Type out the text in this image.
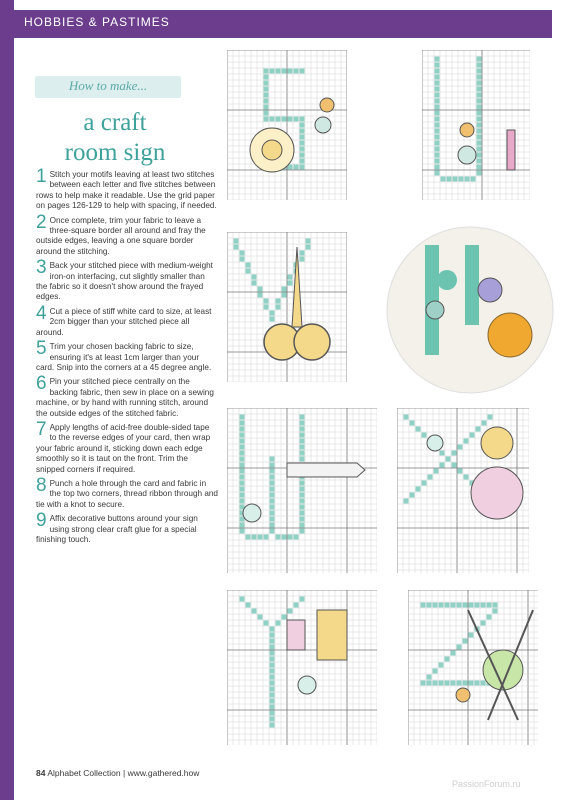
HOBBIES & PASTIMES
How to make...
a craft
room sign
1 Stitch your motifs leaving at least two stitches between each letter and five stitches between rows to help make it readable. Use the grid paper on pages 126-129 to help with spacing, if needed.
2 Once complete, trim your fabric to leave a three-square border all around and fray the outside edges, leaving a one square border around the stitching.
3 Back your stitched piece with medium-weight iron-on interfacing, cut slightly smaller than the fabric so it doesn't show around the frayed edges.
4 Cut a piece of stiff white card to size, at least 2cm bigger than your stitched piece all around.
5 Trim your chosen backing fabric to size, ensuring it's at least 1cm larger than your card. Snip into the corners at a 45 degree angle.
6 Pin your stitched piece centrally on the backing fabric, then sew in place on a sewing machine, or by hand with running stitch, around the outside edges of the stitched fabric.
7 Apply lengths of acid-free double-sided tape to the reverse edges of your card, then wrap your fabric around it, sticking down each edge smoothly so it is taut on the front. Trim the snipped corners if required.
8 Punch a hole through the card and fabric in the top two corners, thread ribbon through and tie with a knot to secure.
9 Affix decorative buttons around your sign using strong clear craft glue for a special finishing touch.
84 Alphabet Collection | www.gathered.how
PassionForum.ru
